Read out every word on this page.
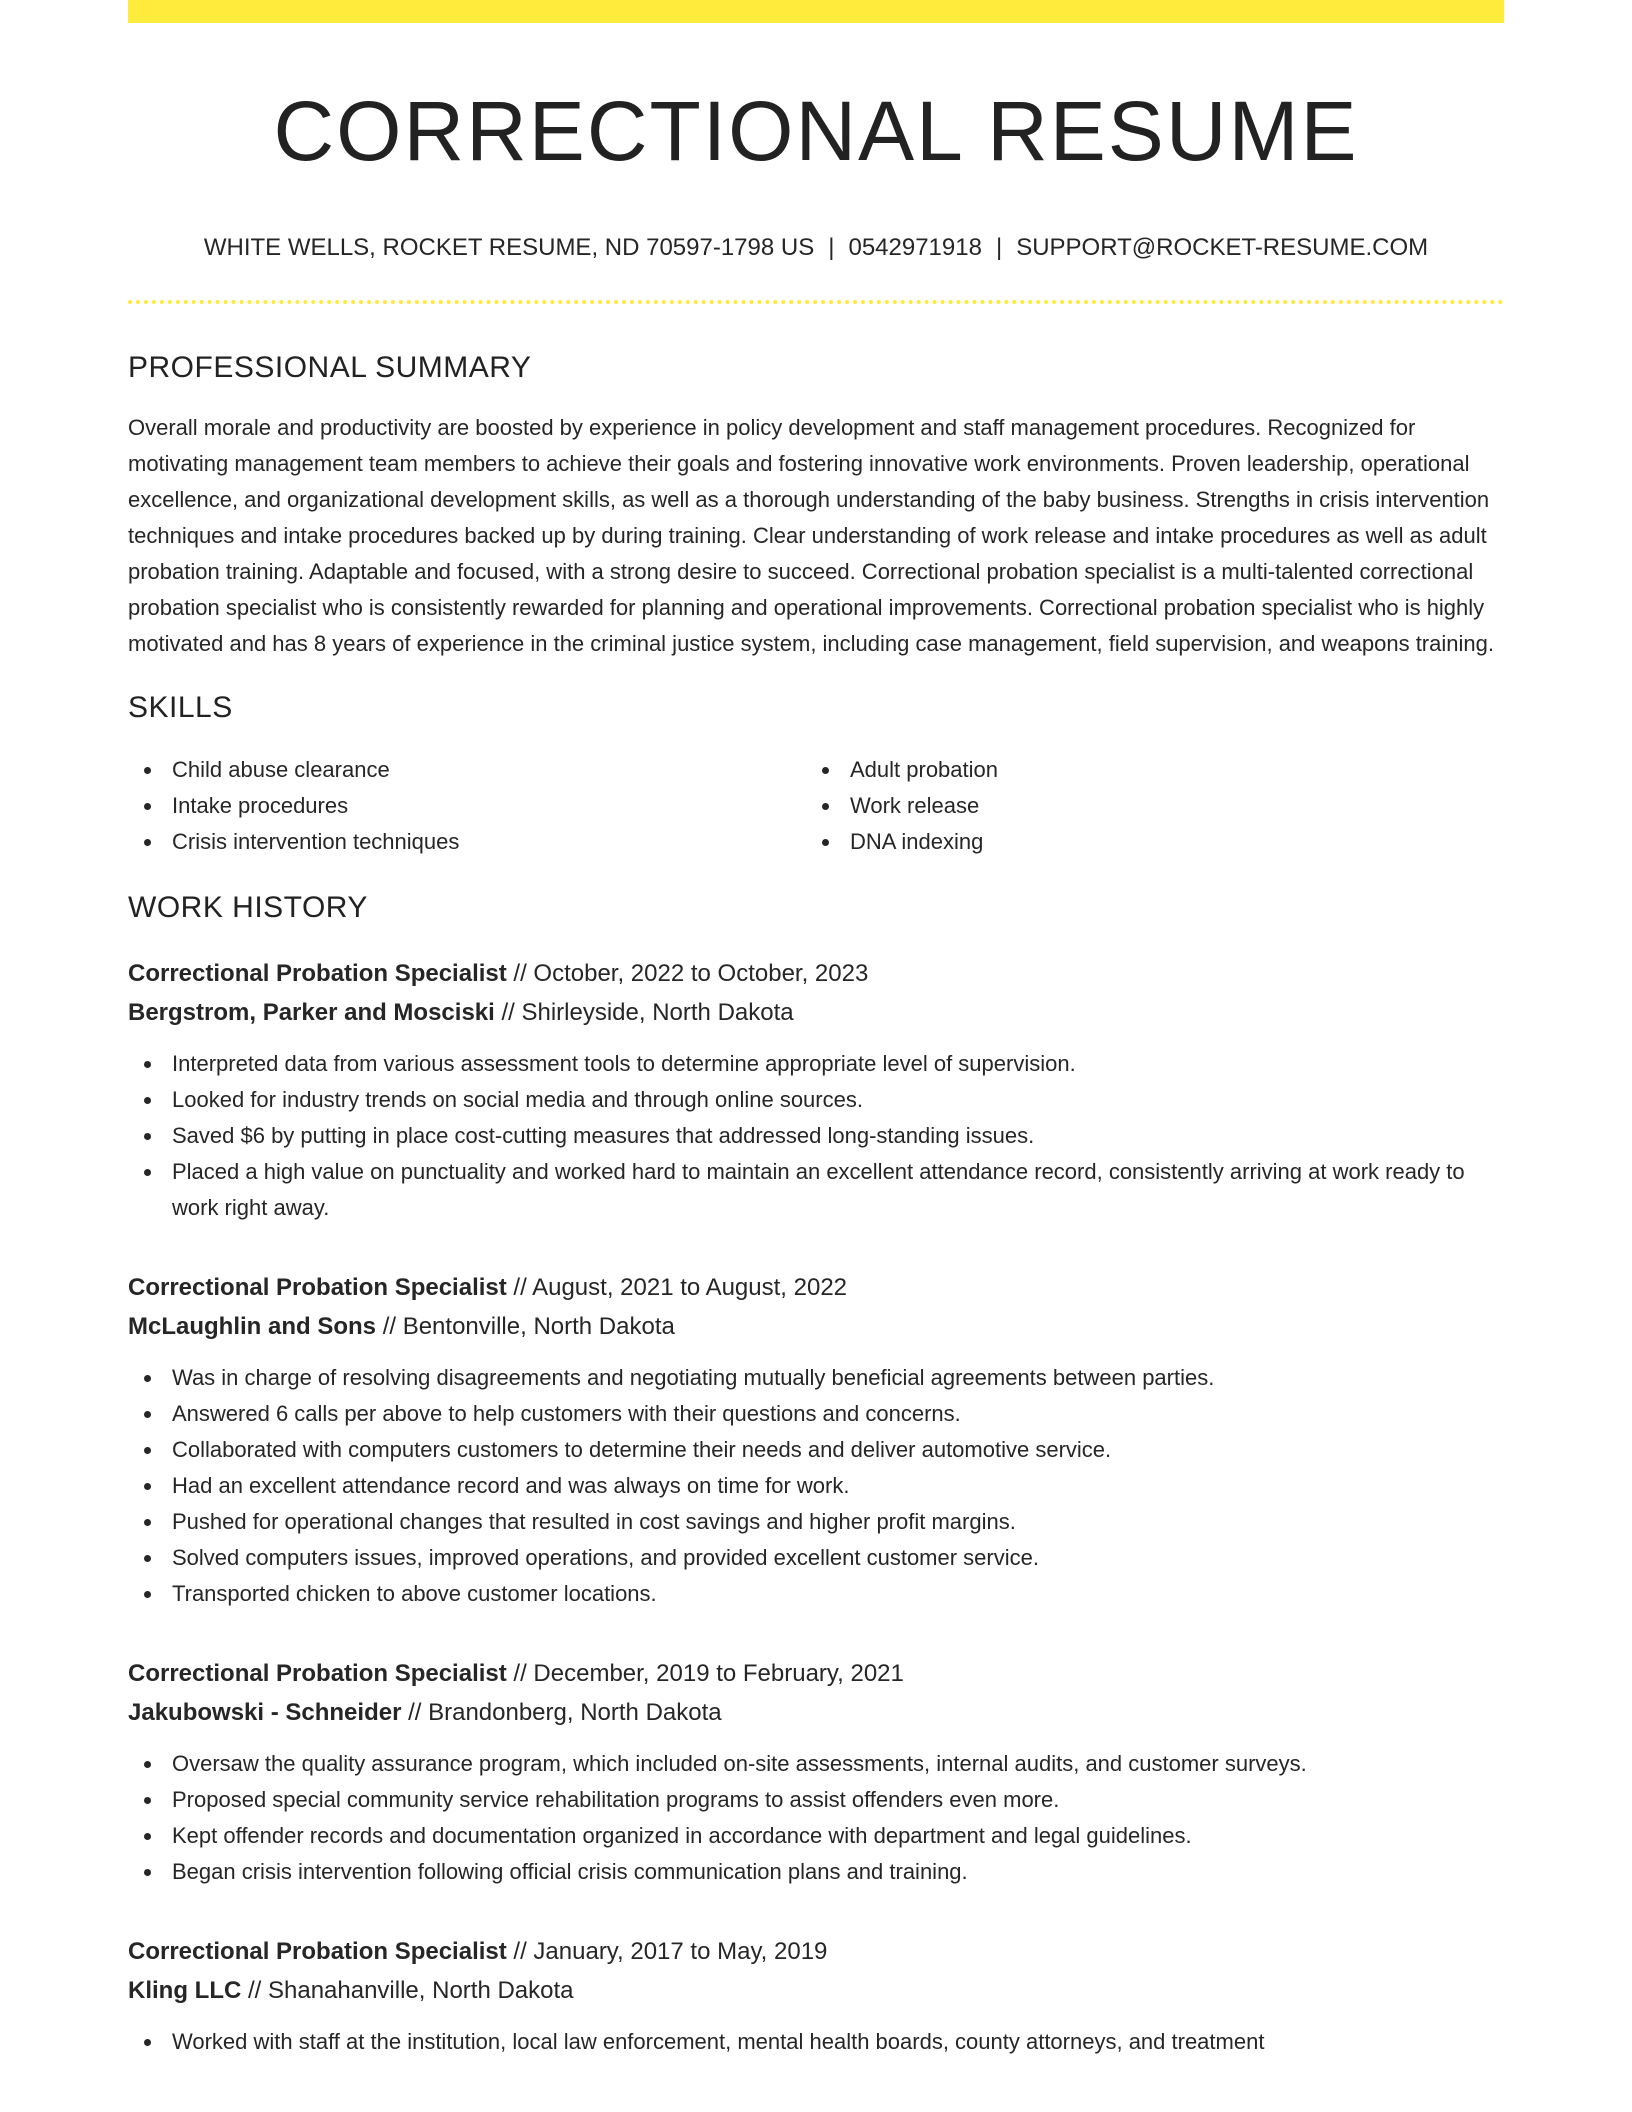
CORRECTIONAL RESUME
WHITE WELLS, ROCKET RESUME, ND 70597-1798 US | 0542971918 | SUPPORT@ROCKET-RESUME.COM
PROFESSIONAL SUMMARY

Overall morale and productivity are boosted by experience in policy development and staff management procedures. Recognized for motivating management team members to achieve their goals and fostering innovative work environments. Proven leadership, operational excellence, and organizational development skills, as well as a thorough understanding of the baby business. Strengths in crisis intervention techniques and intake procedures backed up by during training. Clear understanding of work release and intake procedures as well as adult probation training. Adaptable and focused, with a strong desire to succeed. Correctional probation specialist is a multi-talented correctional probation specialist who is consistently rewarded for planning and operational improvements. Correctional probation specialist who is highly motivated and has 8 years of experience in the criminal justice system, including case management, field supervision, and weapons training.

SKILLS
Child abuse clearance
Intake procedures
Crisis intervention techniques
Adult probation
Work release
DNA indexing
WORK HISTORY
Correctional Probation Specialist // October, 2022 to October, 2023
Bergstrom, Parker and Mosciski // Shirleyside, North Dakota
Interpreted data from various assessment tools to determine appropriate level of supervision.
Looked for industry trends on social media and through online sources.
Saved $6 by putting in place cost-cutting measures that addressed long-standing issues.
Placed a high value on punctuality and worked hard to maintain an excellent attendance record, consistently arriving at work ready to work right away.
Correctional Probation Specialist // August, 2021 to August, 2022
McLaughlin and Sons // Bentonville, North Dakota
Was in charge of resolving disagreements and negotiating mutually beneficial agreements between parties.
Answered 6 calls per above to help customers with their questions and concerns.
Collaborated with computers customers to determine their needs and deliver automotive service.
Had an excellent attendance record and was always on time for work.
Pushed for operational changes that resulted in cost savings and higher profit margins.
Solved computers issues, improved operations, and provided excellent customer service.
Transported chicken to above customer locations.
Correctional Probation Specialist // December, 2019 to February, 2021
Jakubowski - Schneider // Brandonberg, North Dakota
Oversaw the quality assurance program, which included on-site assessments, internal audits, and customer surveys.
Proposed special community service rehabilitation programs to assist offenders even more.
Kept offender records and documentation organized in accordance with department and legal guidelines.
Began crisis intervention following official crisis communication plans and training.
Correctional Probation Specialist // January, 2017 to May, 2019
Kling LLC // Shanahanville, North Dakota
Worked with staff at the institution, local law enforcement, mental health boards, county attorneys, and treatment
